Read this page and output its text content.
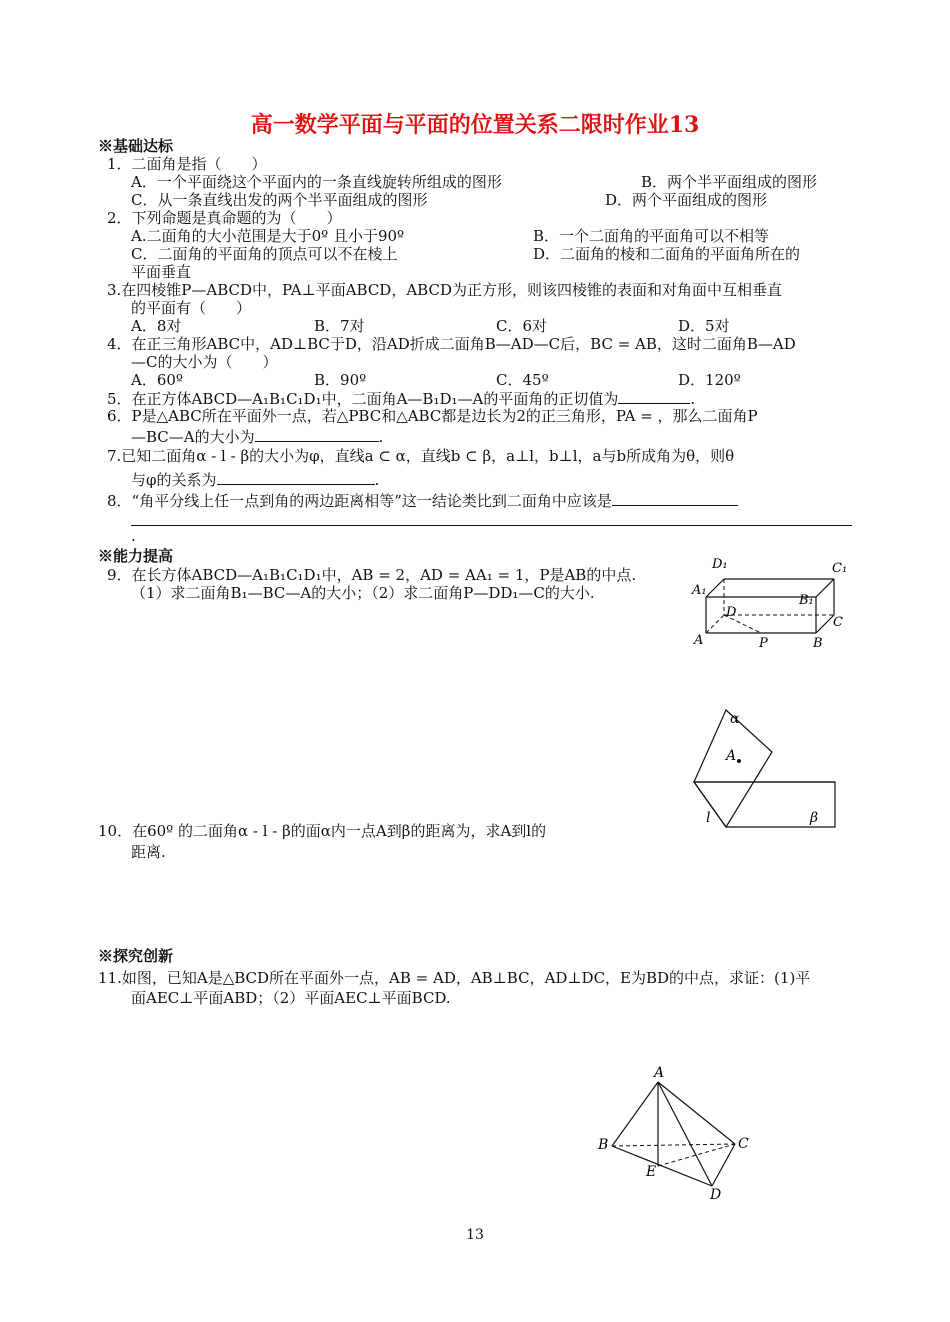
高一数学平面与平面的位置关系二限时作业13
※基础达标
1．二面角是指（　　）
A．一个平面绕这个平面内的一条直线旋转所组成的图形	B．两个半平面组成的图形
C．从一条直线出发的两个半平面组成的图形	D．两个平面组成的图形
2．下列命题是真命题的为（　　）
A.二面角的大小范围是大于0º 且小于90º	B．一个二面角的平面角可以不相等
C．二面角的平面角的顶点可以不在棱上	D．二面角的棱和二面角的平面角所在的
平面垂直
3.在四棱锥P—ABCD中，PA⊥平面ABCD，ABCD为正方形，则该四棱锥的表面和对角面中互相垂直
的平面有（　　）
A．8对	B．7对	C．6对	D．5对
4．在正三角形ABC中，AD⊥BC于D，沿AD折成二面角B—AD—C后，BC = AB，这时二面角B—AD
—C的大小为（　　）
A．60º	B．90º	C．45º	D．120º
5．在正方体ABCD—A₁B₁C₁D₁中，二面角A—B₁D₁—A的平面角的正切值为	.
6．P是△ABC所在平面外一点，若△PBC和△ABC都是边长为2的正三角形，PA = ，那么二面角P
—BC—A的大小为	.
7.已知二面角α - l - β的大小为φ，直线a ⊂ α，直线b ⊂ β，a⊥l，b⊥l，a与b所成角为θ，则θ
与φ的关系为	.
8．“角平分线上任一点到角的两边距离相等”这一结论类比到二面角中应该是
.
※能力提高
9．在长方体ABCD—A₁B₁C₁D₁中，AB = 2，AD = AA₁ = 1，P是AB的中点.
（1）求二面角B₁—BC—A的大小；（2）求二面角P—DD₁—C的大小.
D₁	C₁
A₁
B₁
D
C
A	P	B
α
A
l	β
10．在60º 的二面角α - l - β的面α内一点A到β的距离为，求A到l的
距离.
※探究创新
11.如图，已知A是△BCD所在平面外一点，AB = AD，AB⊥BC，AD⊥DC，E为BD的中点，求证：(1)平
面AEC⊥平面ABD；（2）平面AEC⊥平面BCD.
A
B	C
E
D
13
